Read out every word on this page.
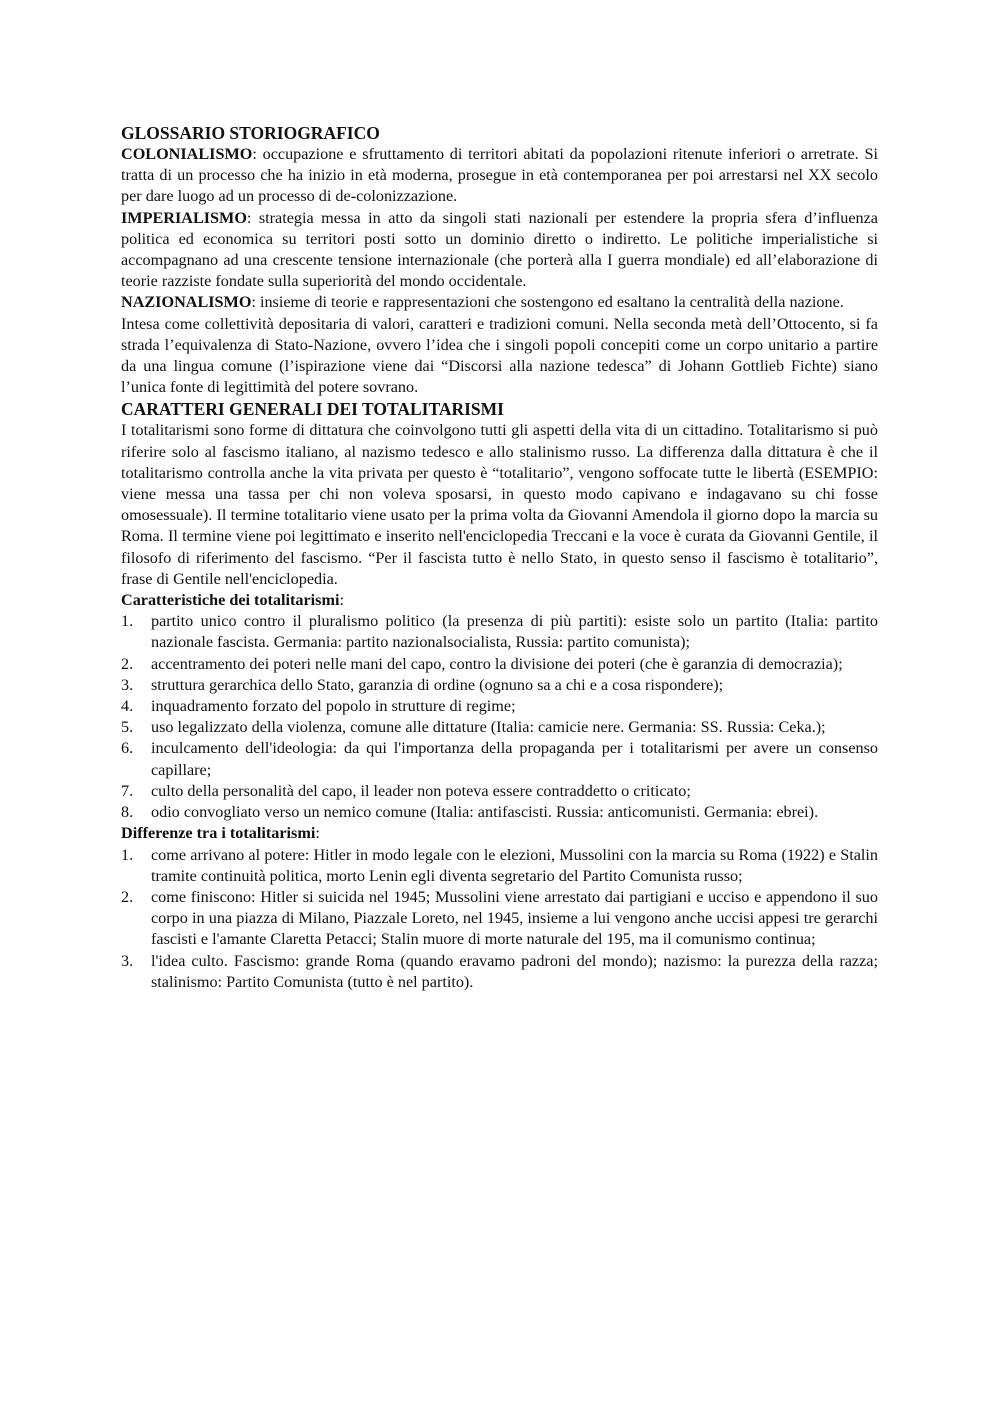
GLOSSARIO STORIOGRAFICO

COLONIALISMO: occupazione e sfruttamento di territori abitati da popolazioni ritenute inferiori o arretrate. Si tratta di un processo che ha inizio in età moderna, prosegue in età contemporanea per poi arrestarsi nel XX secolo per dare luogo ad un processo di de-colonizzazione.

IMPERIALISMO: strategia messa in atto da singoli stati nazionali per estendere la propria sfera d’influenza politica ed economica su territori posti sotto un dominio diretto o indiretto. Le politiche imperialistiche si accompagnano ad una crescente tensione internazionale (che porterà alla I guerra mondiale) ed all’elaborazione di teorie razziste fondate sulla superiorità del mondo occidentale.

NAZIONALISMO: insieme di teorie e rappresentazioni che sostengono ed esaltano la centralità della nazione.

Intesa come collettività depositaria di valori, caratteri e tradizioni comuni. Nella seconda metà dell’Ottocento, si fa strada l’equivalenza di Stato-Nazione, ovvero l’idea che i singoli popoli concepiti come un corpo unitario a partire da una lingua comune (l’ispirazione viene dai “Discorsi alla nazione tedesca” di Johann Gottlieb Fichte) siano l’unica fonte di legittimità del potere sovrano.

CARATTERI GENERALI DEI TOTALITARISMI

I totalitarismi sono forme di dittatura che coinvolgono tutti gli aspetti della vita di un cittadino. Totalitarismo si può riferire solo al fascismo italiano, al nazismo tedesco e allo stalinismo russo. La differenza dalla dittatura è che il totalitarismo controlla anche la vita privata per questo è “totalitario”, vengono soffocate tutte le libertà (ESEMPIO: viene messa una tassa per chi non voleva sposarsi, in questo modo capivano e indagavano su chi fosse omosessuale). Il termine totalitario viene usato per la prima volta da Giovanni Amendola il giorno dopo la marcia su Roma. Il termine viene poi legittimato e inserito nell'enciclopedia Treccani e la voce è curata da Giovanni Gentile, il filosofo di riferimento del fascismo. “Per il fascista tutto è nello Stato, in questo senso il fascismo è totalitario”, frase di Gentile nell'enciclopedia.

Caratteristiche dei totalitarismi:

1. partito unico contro il pluralismo politico (la presenza di più partiti): esiste solo un partito (Italia: partito nazionale fascista. Germania: partito nazionalsocialista, Russia: partito comunista);
2. accentramento dei poteri nelle mani del capo, contro la divisione dei poteri (che è garanzia di democrazia);
3. struttura gerarchica dello Stato, garanzia di ordine (ognuno sa a chi e a cosa rispondere);
4. inquadramento forzato del popolo in strutture di regime;
5. uso legalizzato della violenza, comune alle dittature (Italia: camicie nere. Germania: SS. Russia: Ceka.);
6. inculcamento dell'ideologia: da qui l'importanza della propaganda per i totalitarismi per avere un consenso capillare;
7. culto della personalità del capo, il leader non poteva essere contraddetto o criticato;
8. odio convogliato verso un nemico comune (Italia: antifascisti. Russia: anticomunisti. Germania: ebrei).

Differenze tra i totalitarismi:

1. come arrivano al potere: Hitler in modo legale con le elezioni, Mussolini con la marcia su Roma (1922) e Stalin tramite continuità politica, morto Lenin egli diventa segretario del Partito Comunista russo;
2. come finiscono: Hitler si suicida nel 1945; Mussolini viene arrestato dai partigiani e ucciso e appendono il suo corpo in una piazza di Milano, Piazzale Loreto, nel 1945, insieme a lui vengono anche uccisi appesi tre gerarchi fascisti e l'amante Claretta Petacci; Stalin muore di morte naturale del 195, ma il comunismo continua;
3. l'idea culto. Fascismo: grande Roma (quando eravamo padroni del mondo); nazismo: la purezza della razza; stalinismo: Partito Comunista (tutto è nel partito).
